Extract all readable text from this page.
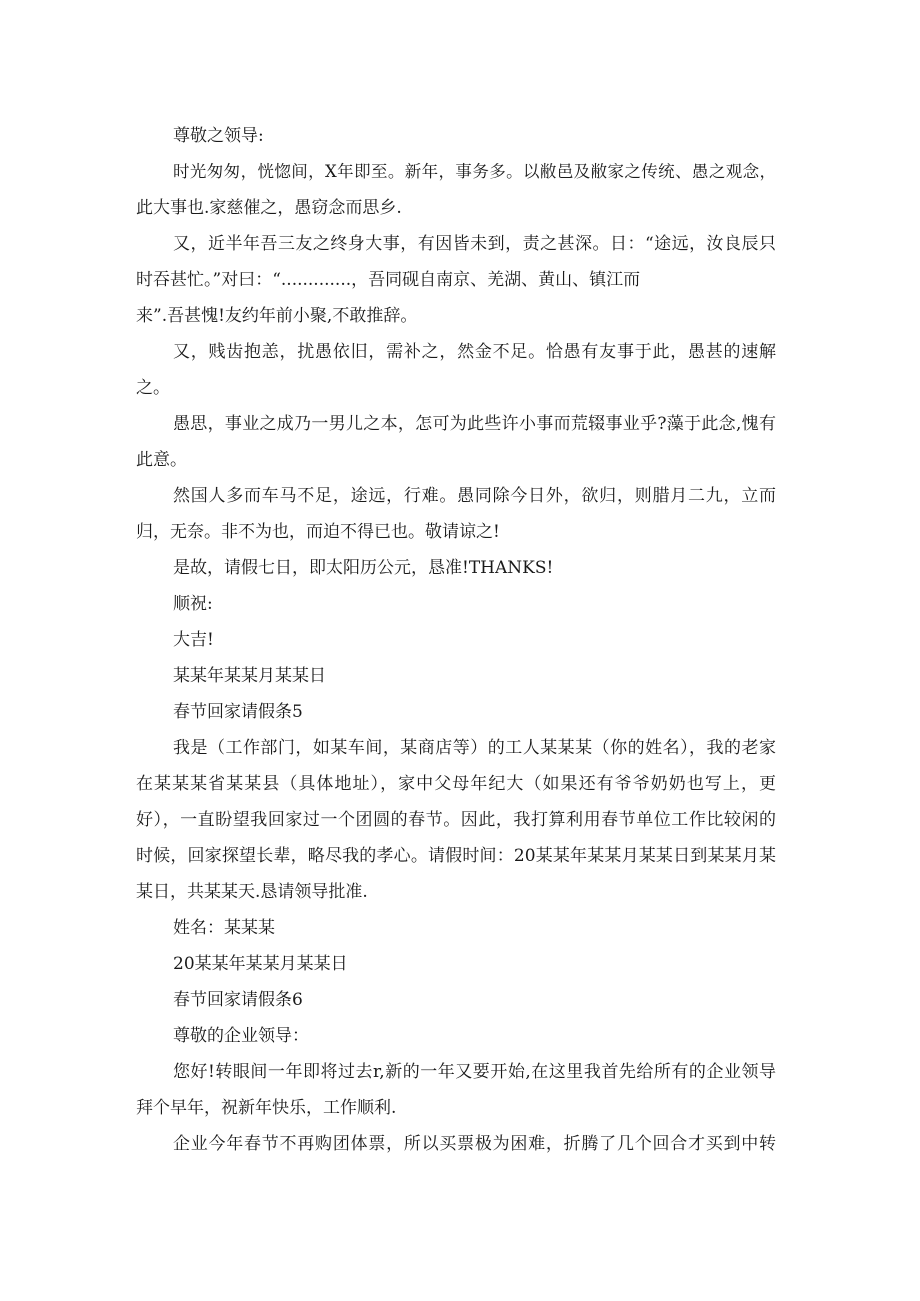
尊敬之领导:

时光匆匆，恍惚间，X年即至。新年，事务多。以敝邑及敝家之传统、愚之观念，

此大事也.家慈催之，愚窃念而思乡.

又，近半年吾三友之终身大事，有因皆未到，责之甚深。日：“途远，汝良辰只

时吞甚忙。”对曰：“.............，吾同砚自南京、羌湖、黄山、镇江而

来”.吾甚愧!友约年前小聚,不敢推辞。

又，贱齿抱恙，扰愚依旧，需补之，然金不足。恰愚有友事于此，愚甚的速解

之。

愚思，事业之成乃一男儿之本，怎可为此些许小事而荒辍事业乎?藻于此念,愧有

此意。

然国人多而车马不足，途远，行难。愚同除今日外，欲归，则腊月二九，立而

归，无奈。非不为也，而迫不得已也。敬请谅之!

是故，请假七日，即太阳历公元，恳准!THANKS!

顺祝:

大吉!

某某年某某月某某日

春节回家请假条5

我是（工作部门，如某车间，某商店等）的工人某某某（你的姓名），我的老家

在某某某省某某县（具体地址），家中父母年纪大（如果还有爷爷奶奶也写上，更

好），一直盼望我回家过一个团圆的春节。因此，我打算利用春节单位工作比较闲的

时候，回家探望长辈，略尽我的孝心。请假时间：20某某年某某月某某日到某某月某

某日，共某某天.恳请领导批准.

姓名：某某某

20某某年某某月某某日

春节回家请假条6

尊敬的企业领导：

您好!转眼间一年即将过去r,新的一年又要开始,在这里我首先给所有的企业领导

拜个早年，祝新年快乐，工作顺利.

企业今年春节不再购团体票，所以买票极为困难，折腾了几个回合才买到中转
